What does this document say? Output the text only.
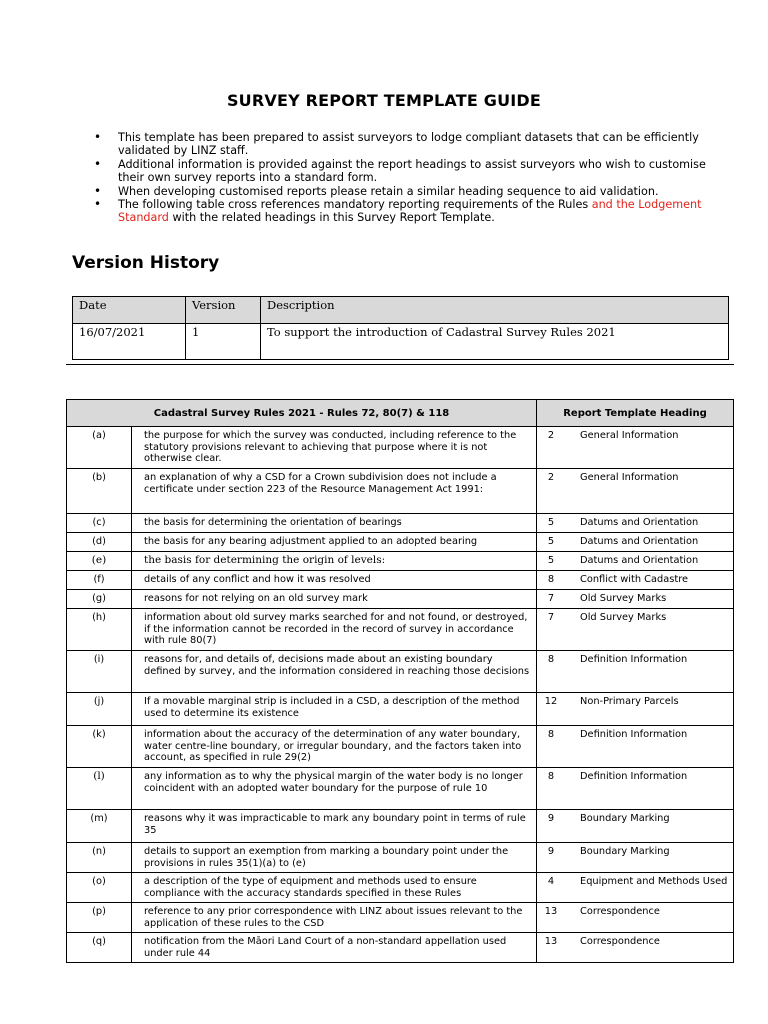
SURVEY REPORT TEMPLATE GUIDE
• This template has been prepared to assist surveyors to lodge compliant datasets that can be efficiently validated by LINZ staff.
• Additional information is provided against the report headings to assist surveyors who wish to customise their own survey reports into a standard form.
• When developing customised reports please retain a similar heading sequence to aid validation.
• The following table cross references mandatory reporting requirements of the Rules and the Lodgement Standard with the related headings in this Survey Report Template.
Version History
Date	Version	Description
16/07/2021	1	To support the introduction of Cadastral Survey Rules 2021
Cadastral Survey Rules 2021 - Rules 72, 80(7) & 118		Report Template Heading	
(a)	the purpose for which the survey was conducted, including reference to the statutory provisions relevant to achieving that purpose where it is not otherwise clear.	2	General Information
(b)	an explanation of why a CSD for a Crown subdivision does not include a certificate under section 223 of the Resource Management Act 1991:	2	General Information
(c)	the basis for determining the orientation of bearings	5	Datums and Orientation
(d)	the basis for any bearing adjustment applied to an adopted bearing	5	Datums and Orientation
(e)	the basis for determining the origin of levels:	5	Datums and Orientation
(f)	details of any conflict and how it was resolved	8	Conflict with Cadastre
(g)	reasons for not relying on an old survey mark	7	Old Survey Marks
(h)	information about old survey marks searched for and not found, or destroyed, if the information cannot be recorded in the record of survey in accordance with rule 80(7)	7	Old Survey Marks
(i)	reasons for, and details of, decisions made about an existing boundary defined by survey, and the information considered in reaching those decisions	8	Definition Information
(j)	If a movable marginal strip is included in a CSD, a description of the method used to determine its existence	12	Non-Primary Parcels
(k)	information about the accuracy of the determination of any water boundary, water centre-line boundary, or irregular boundary, and the factors taken into account, as specified in rule 29(2)	8	Definition Information
(l)	any information as to why the physical margin of the water body is no longer coincident with an adopted water boundary for the purpose of rule 10	8	Definition Information
(m)	reasons why it was impracticable to mark any boundary point in terms of rule 35	9	Boundary Marking
(n)	details to support an exemption from marking a boundary point under the provisions in rules 35(1)(a) to (e)	9	Boundary Marking
(o)	a description of the type of equipment and methods used to ensure compliance with the accuracy standards specified in these Rules	4	Equipment and Methods Used
(p)	reference to any prior correspondence with LINZ about issues relevant to the application of these rules to the CSD	13	Correspondence
(q)	notification from the Māori Land Court of a non-standard appellation used under rule 44	13	Correspondence
